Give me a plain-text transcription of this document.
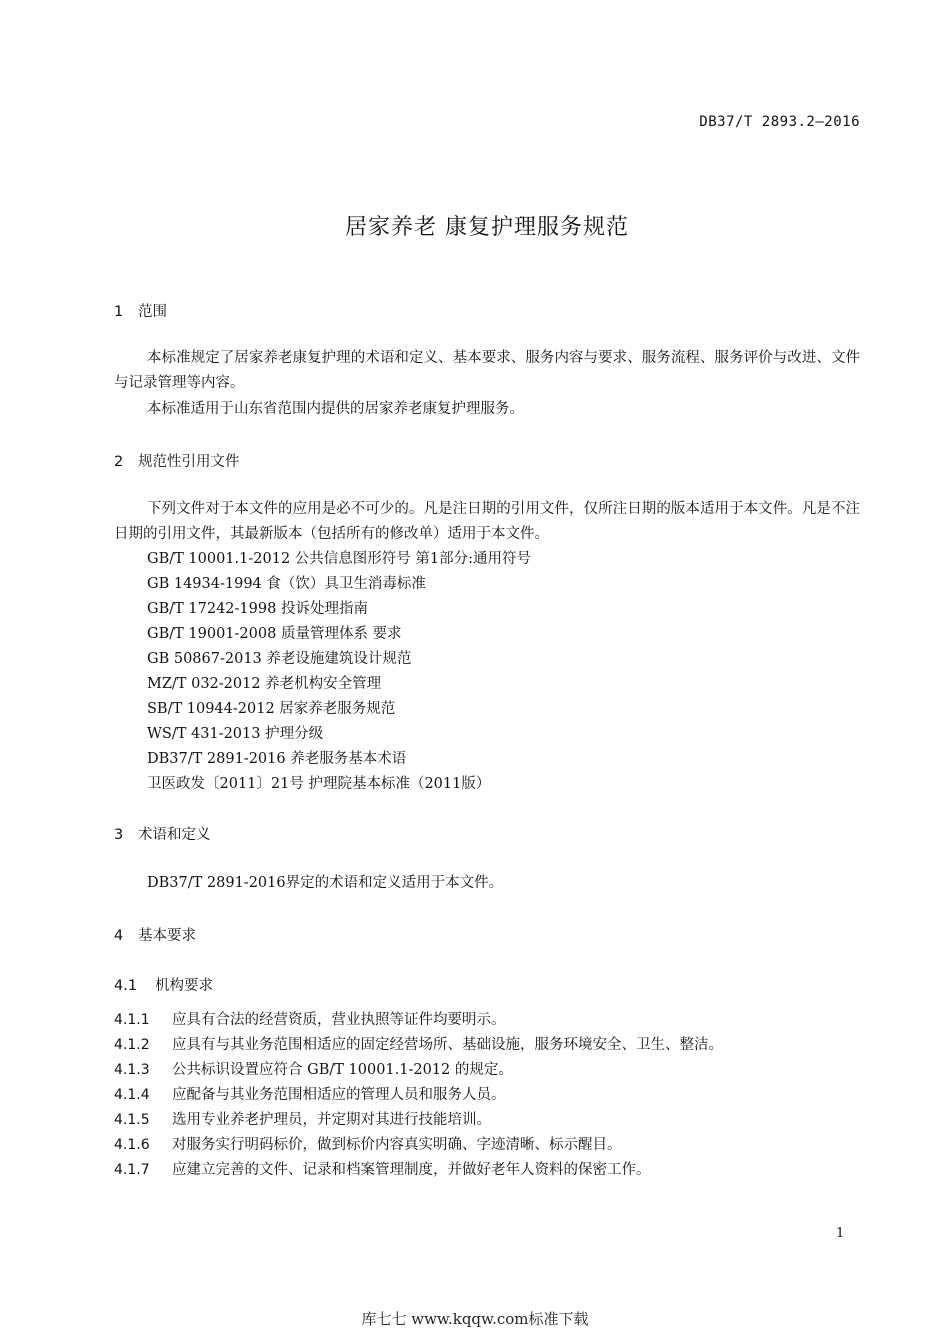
DB37/T 2893.2—2016
居家养老 康复护理服务规范
1 范围
本标准规定了居家养老康复护理的术语和定义、基本要求、服务内容与要求、服务流程、服务评价与改进、文件与记录管理等内容。
本标准适用于山东省范围内提供的居家养老康复护理服务。
2 规范性引用文件
下列文件对于本文件的应用是必不可少的。凡是注日期的引用文件，仅所注日期的版本适用于本文件。凡是不注日期的引用文件，其最新版本（包括所有的修改单）适用于本文件。
GB/T 10001.1-2012 公共信息图形符号 第1部分:通用符号
GB 14934-1994 食（饮）具卫生消毒标准
GB/T 17242-1998 投诉处理指南
GB/T 19001-2008 质量管理体系 要求
GB 50867-2013 养老设施建筑设计规范
MZ/T 032-2012 养老机构安全管理
SB/T 10944-2012 居家养老服务规范
WS/T 431-2013 护理分级
DB37/T 2891-2016 养老服务基本术语
卫医政发〔2011〕21号 护理院基本标准（2011版）
3 术语和定义
DB37/T 2891-2016界定的术语和定义适用于本文件。
4 基本要求
4.1 机构要求
4.1.1 应具有合法的经营资质，营业执照等证件均要明示。
4.1.2 应具有与其业务范围相适应的固定经营场所、基础设施，服务环境安全、卫生、整洁。
4.1.3 公共标识设置应符合 GB/T 10001.1-2012 的规定。
4.1.4 应配备与其业务范围相适应的管理人员和服务人员。
4.1.5 选用专业养老护理员，并定期对其进行技能培训。
4.1.6 对服务实行明码标价，做到标价内容真实明确、字迹清晰、标示醒目。
4.1.7 应建立完善的文件、记录和档案管理制度，并做好老年人资料的保密工作。
1
库七七 www.kqqw.com标准下载
